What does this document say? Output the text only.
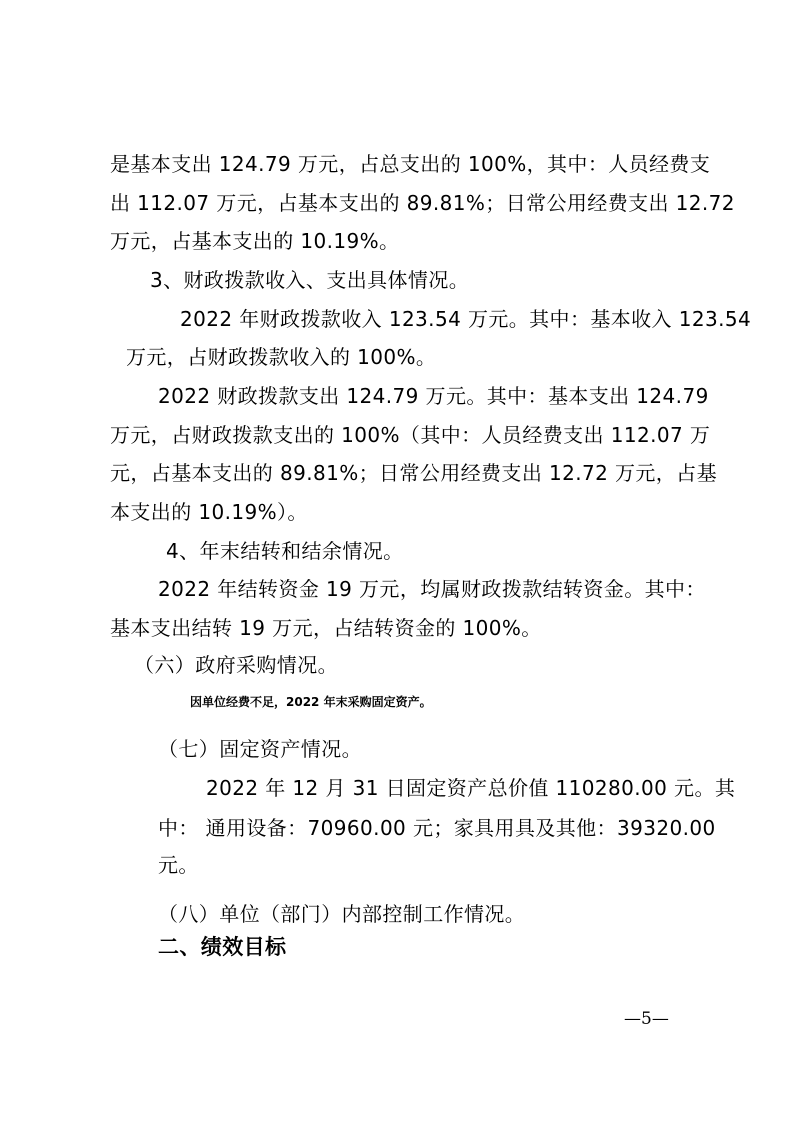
是基本支出 124.79 万元，占总支出的 100%，其中：人员经费支
出 112.07 万元，占基本支出的 89.81%；日常公用经费支出 12.72
万元，占基本支出的 10.19%。
3、财政拨款收入、支出具体情况。
2022 年财政拨款收入 123.54 万元。其中：基本收入 123.54
万元，占财政拨款收入的 100%。
2022 财政拨款支出 124.79 万元。其中：基本支出 124.79
万元，占财政拨款支出的 100%（其中：人员经费支出 112.07 万
元，占基本支出的 89.81%；日常公用经费支出 12.72 万元，占基
本支出的 10.19%）。
4、年末结转和结余情况。
2022 年结转资金 19 万元，均属财政拨款结转资金。其中：
基本支出结转 19 万元，占结转资金的 100%。
（六）政府采购情况。
因单位经费不足，2022 年末采购固定资产。
（七）固定资产情况。
2022 年 12 月 31 日固定资产总价值 110280.00 元。其
中： 通用设备：70960.00 元；家具用具及其他：39320.00
元。
（八）单位（部门）内部控制工作情况。
二、绩效目标
—5—
